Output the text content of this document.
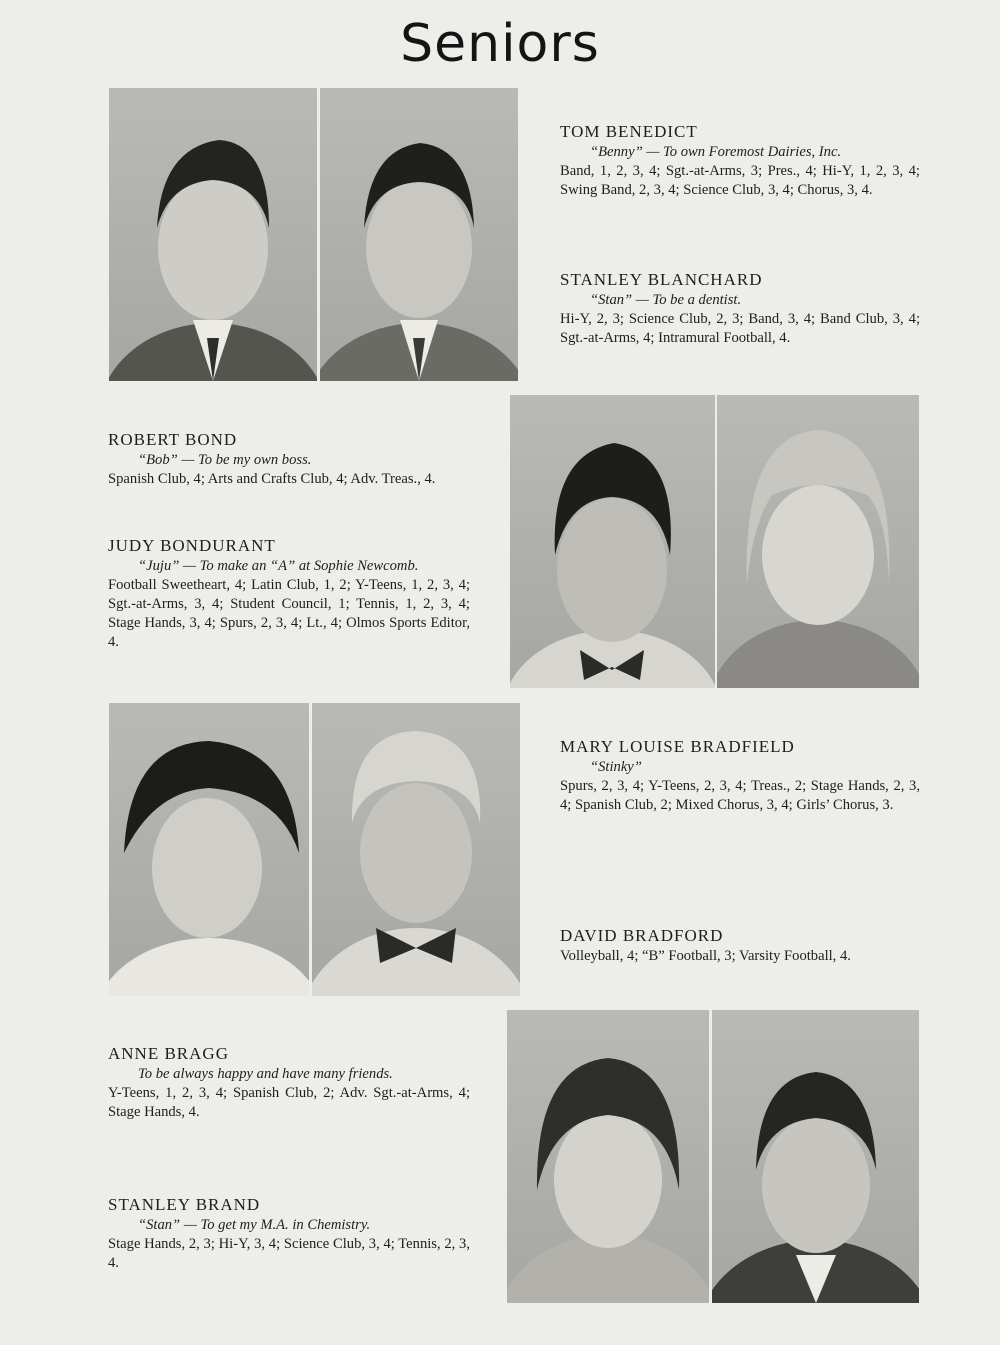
Seniors
TOM BENEDICT
“Benny” — To own Foremost Dairies, Inc.
Band, 1, 2, 3, 4; Sgt.-at-Arms, 3; Pres., 4; Hi-Y, 1, 2, 3, 4; Swing Band, 2, 3, 4; Science Club, 3, 4; Chorus, 3, 4.
STANLEY BLANCHARD
“Stan” — To be a dentist.
Hi-Y, 2, 3; Science Club, 2, 3; Band, 3, 4; Band Club, 3, 4; Sgt.-at-Arms, 4; Intramural Football, 4.
ROBERT BOND
“Bob” — To be my own boss.
Spanish Club, 4; Arts and Crafts Club, 4; Adv. Treas., 4.
JUDY BONDURANT
“Juju” — To make an “A” at Sophie Newcomb.
Football Sweetheart, 4; Latin Club, 1, 2; Y-Teens, 1, 2, 3, 4; Sgt.-at-Arms, 3, 4; Student Council, 1; Tennis, 1, 2, 3, 4; Stage Hands, 3, 4; Spurs, 2, 3, 4; Lt., 4; Olmos Sports Editor, 4.
MARY LOUISE BRADFIELD
“Stinky”
Spurs, 2, 3, 4; Y-Teens, 2, 3, 4; Treas., 2; Stage Hands, 2, 3, 4; Spanish Club, 2; Mixed Chorus, 3, 4; Girls’ Chorus, 3.
DAVID BRADFORD
Volleyball, 4; “B” Football, 3; Varsity Football, 4.
ANNE BRAGG
To be always happy and have many friends.
Y-Teens, 1, 2, 3, 4; Spanish Club, 2; Adv. Sgt.-at-Arms, 4; Stage Hands, 4.
STANLEY BRAND
“Stan” — To get my M.A. in Chemistry.
Stage Hands, 2, 3; Hi-Y, 3, 4; Science Club, 3, 4; Tennis, 2, 3, 4.
